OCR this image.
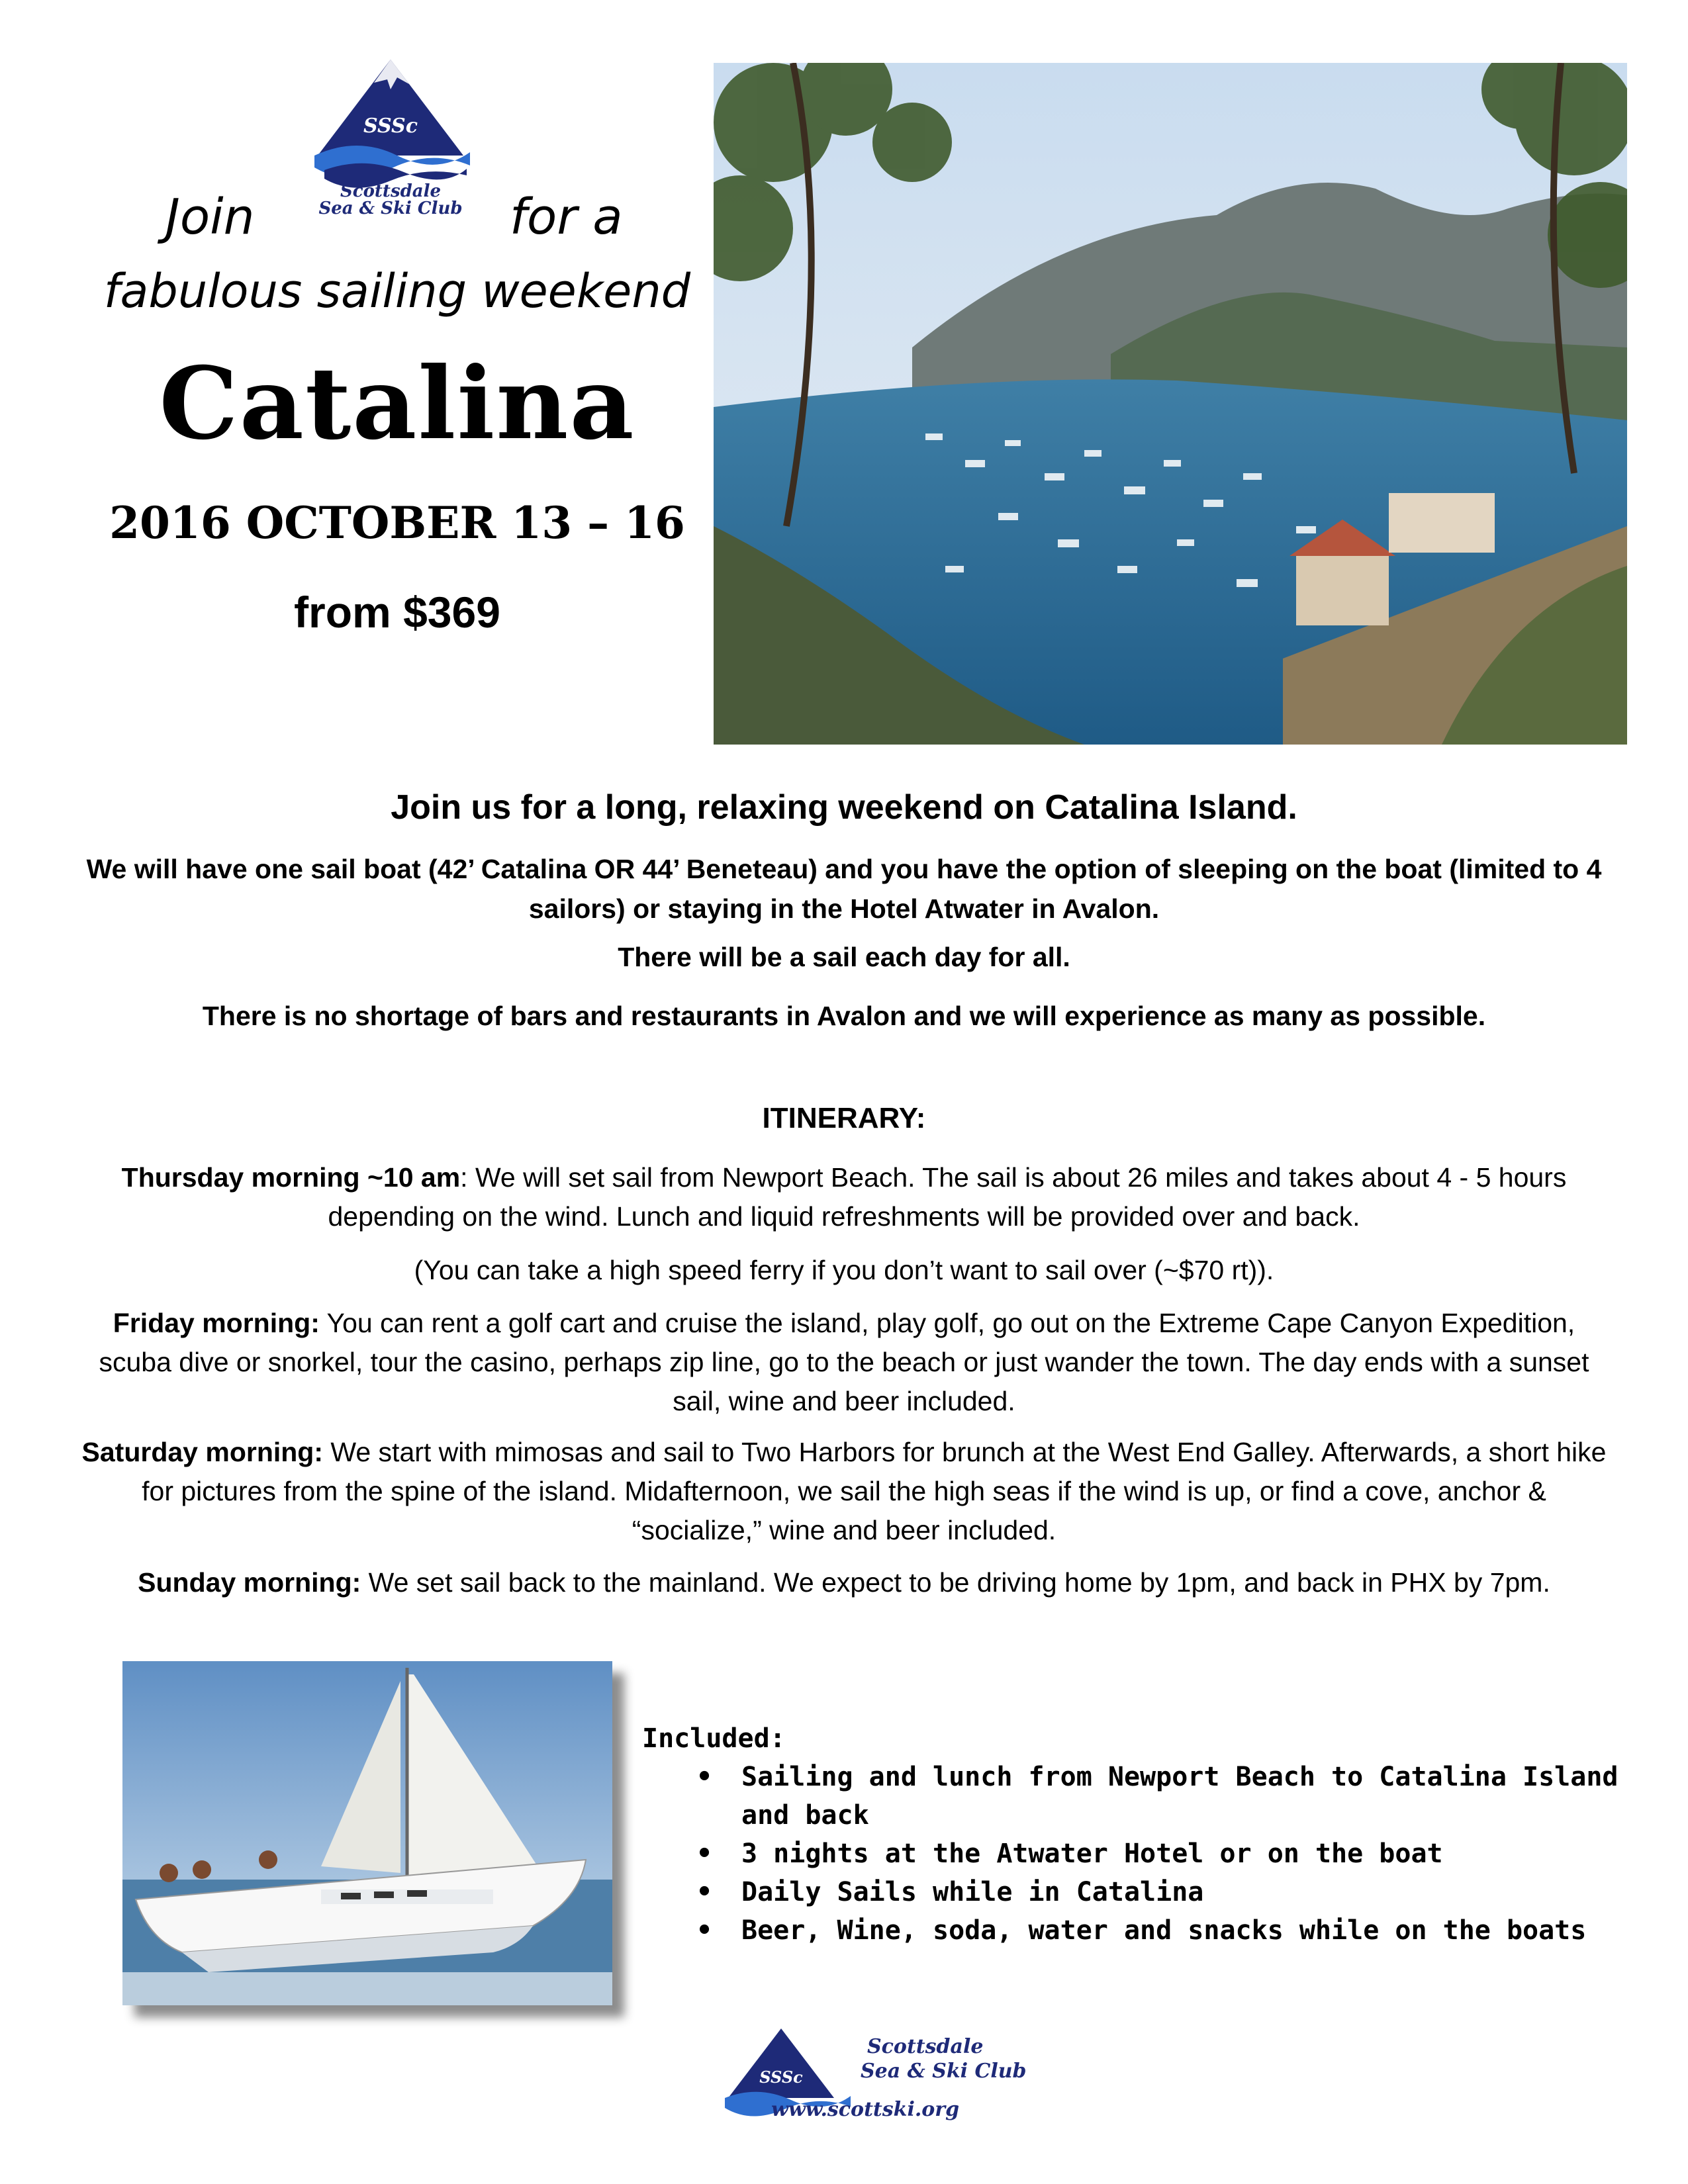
SSSc
Scottsdale
Sea & Ski Club
Join	for a
fabulous sailing weekend
Catalina
2016 OCTOBER 13 – 16
from $369
Join us for a long, relaxing weekend on Catalina Island.
We will have one sail boat (42’ Catalina OR 44’ Beneteau) and you have the option of sleeping on the boat (limited to 4 sailors) or staying in the Hotel Atwater in Avalon.
There will be a sail each day for all.
There is no shortage of bars and restaurants in Avalon and we will experience as many as possible.
ITINERARY:
Thursday morning ~10 am: We will set sail from Newport Beach. The sail is about 26 miles and takes about 4 - 5 hours depending on the wind. Lunch and liquid refreshments will be provided over and back.
(You can take a high speed ferry if you don’t want to sail over (~$70 rt)).
Friday morning: You can rent a golf cart and cruise the island, play golf, go out on the Extreme Cape Canyon Expedition, scuba dive or snorkel, tour the casino, perhaps zip line, go to the beach or just wander the town. The day ends with a sunset sail, wine and beer included.
Saturday morning: We start with mimosas and sail to Two Harbors for brunch at the West End Galley. Afterwards, a short hike for pictures from the spine of the island. Midafternoon, we sail the high seas if the wind is up, or find a cove, anchor & “socialize,” wine and beer included.
Sunday morning: We set sail back to the mainland. We expect to be driving home by 1pm, and back in PHX by 7pm.
Included:
• Sailing and lunch from Newport Beach to Catalina Island and back
• 3 nights at the Atwater Hotel or on the boat
• Daily Sails while in Catalina
• Beer, Wine, soda, water and snacks while on the boats
SSSc
Scottsdale
Sea & Ski Club
www.scottski.org
